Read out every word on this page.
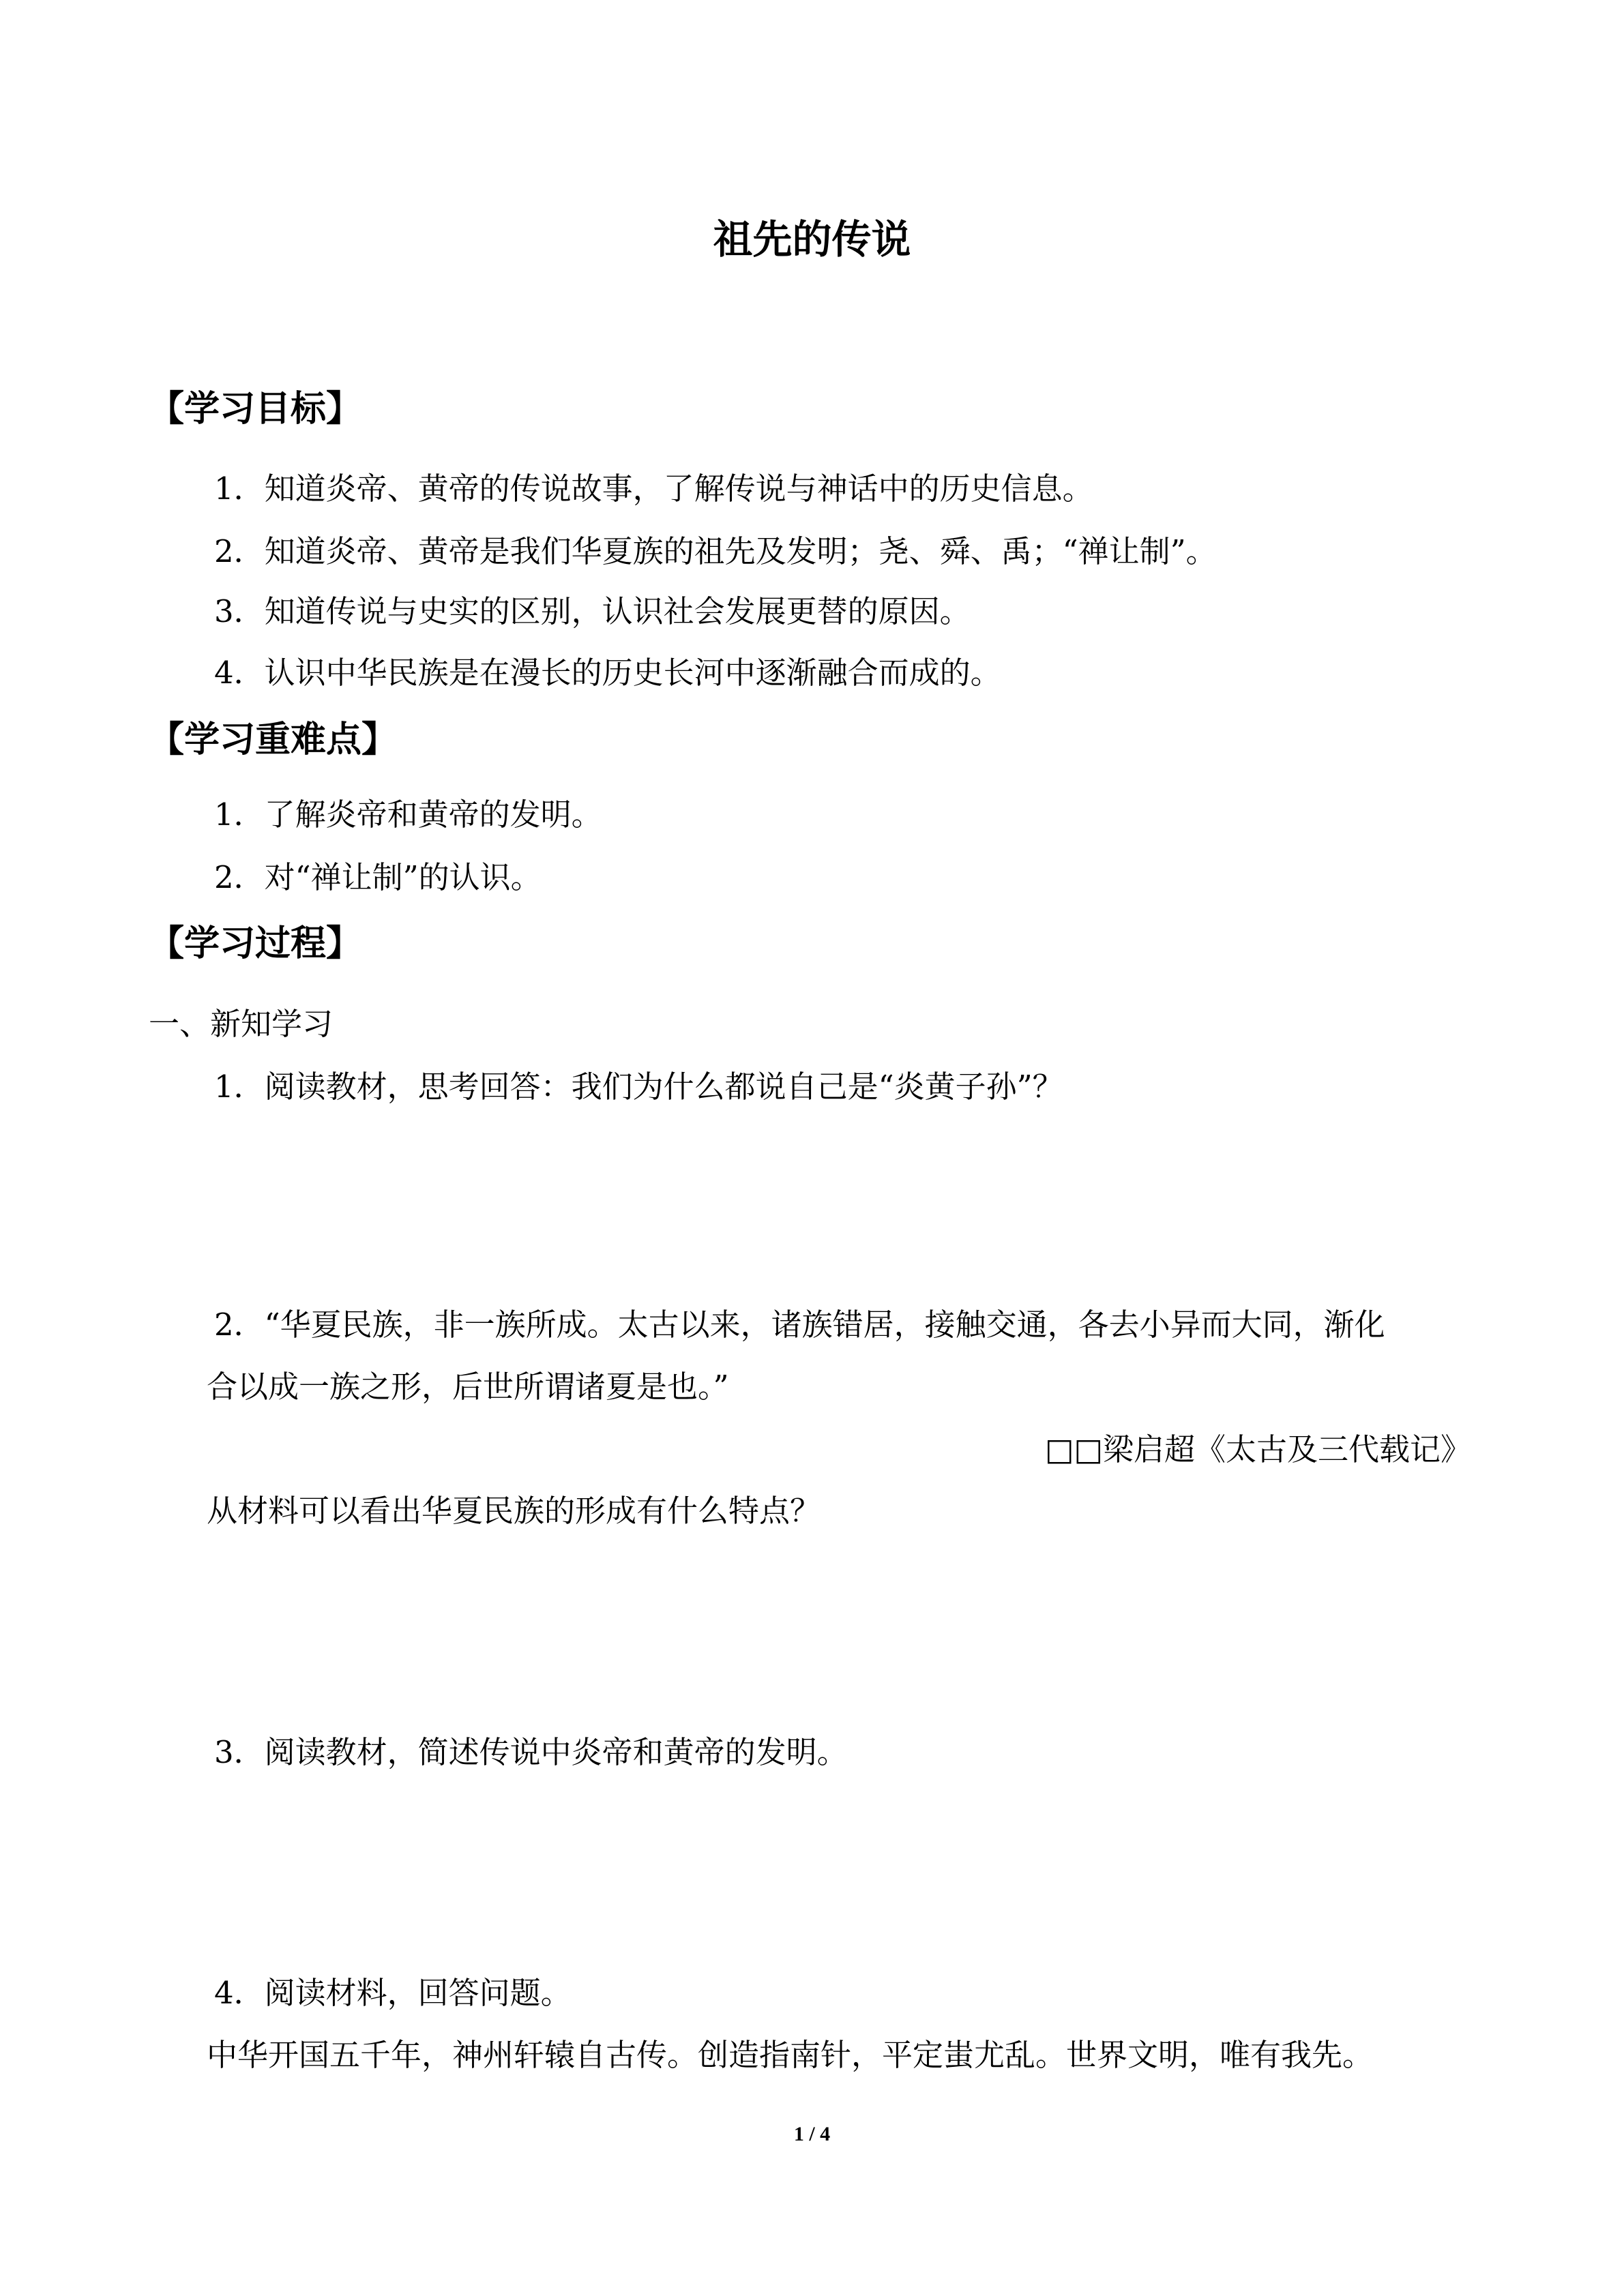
祖先的传说
【学习目标】

1．知道炎帝、黄帝的传说故事，了解传说与神话中的历史信息。

2．知道炎帝、黄帝是我们华夏族的祖先及发明；尧、舜、禹；“禅让制”。

3．知道传说与史实的区别，认识社会发展更替的原因。

4．认识中华民族是在漫长的历史长河中逐渐融合而成的。

【学习重难点】

1．了解炎帝和黄帝的发明。

2．对“禅让制”的认识。

【学习过程】

一、新知学习

1．阅读教材，思考回答：我们为什么都说自己是“炎黄子孙”？

2．“华夏民族，非一族所成。太古以来，诸族错居，接触交通，各去小异而大同，渐化

合以成一族之形，后世所谓诸夏是也。”

□□梁启超《太古及三代载记》

从材料可以看出华夏民族的形成有什么特点？

3．阅读教材，简述传说中炎帝和黄帝的发明。

4．阅读材料，回答问题。

中华开国五千年，神州轩辕自古传。创造指南针，平定蚩尤乱。世界文明，唯有我先。

1 / 4
